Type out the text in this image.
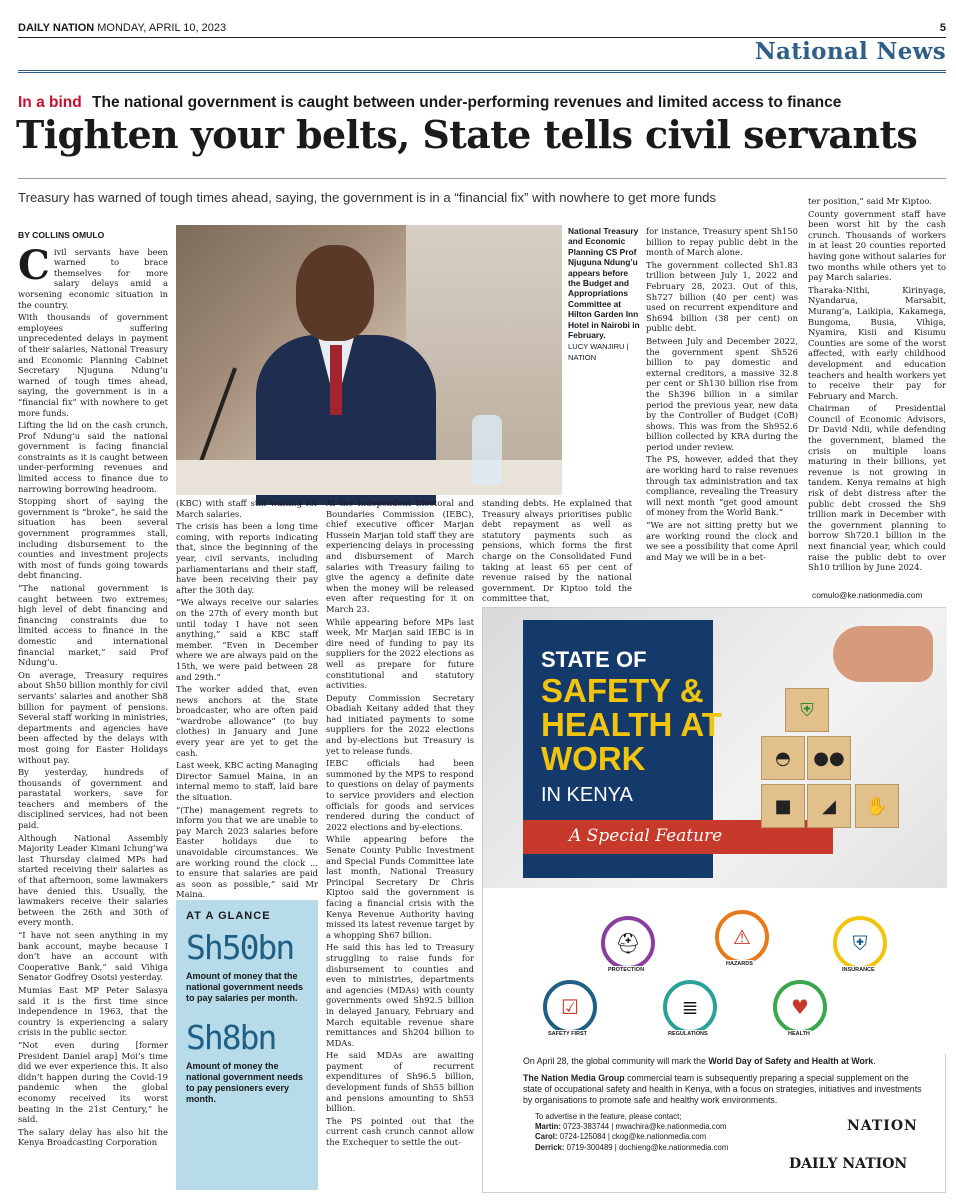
DAILY NATION MONDAY, APRIL 10, 2023	5
National News
In a bind The national government is caught between under-performing revenues and limited access to finance
Tighten your belts, State tells civil servants
Treasury has warned of tough times ahead, saying, the government is in a “financial fix” with nowhere to get more funds
BY COLLINS OMULO

Civil servants have been warned to brace themselves for more salary delays amid a worsening economic situation in the country.

With thousands of government employees suffering unprecedented delays in payment of their salaries, National Treasury and Economic Planning Cabinet Secretary Njuguna Ndung’u warned of tough times ahead, saying, the government is in a “financial fix” with nowhere to get more funds.

Lifting the lid on the cash crunch, Prof Ndung’u said the national government is facing financial constraints as it is caught between under-performing revenues and limited access to finance due to narrowing borrowing headroom.

Stopping short of saying the government is “broke”, he said the situation has been several government programmes stall, including disbursement to the counties and investment projects with most of funds going towards debt financing.

“The national government is caught between two extremes; high level of debt financing and financing constraints due to limited access to finance in the domestic and international financial market,” said Prof Ndung’u.

On average, Treasury requires about Sh50 billion monthly for civil servants’ salaries and another Sh8 billion for payment of pensions. Several staff working in ministries, departments and agencies have been affected by the delays with most going for Easter Holidays without pay.

By yesterday, hundreds of thousands of government and parastatal workers, save for teachers and members of the disciplined services, had not been paid.

Although National Assembly Majority Leader Kimani Ichung’wa last Thursday claimed MPs had started receiving their salaries as of that afternoon, some lawmakers have denied this. Usually, the lawmakers receive their salaries between the 26th and 30th of every month.

“I have not seen anything in my bank account, maybe because I don’t have an account with Cooperative Bank,” said Vihiga Senator Godfrey Osotsi yesterday.

Mumias East MP Peter Salasya said it is the first time since independence in 1963, that the country is experiencing a salary crisis in the public sector.

“Not even during [former President Daniel arap] Moi’s time did we ever experience this. It also didn’t happen during the Covid-19 pandemic when the global economy received its worst beating in the 21st Century,” he said.

The salary delay has also hit the Kenya Broadcasting Corporation

National Treasury and Economic Planning CS Prof Njuguna Ndung’u appears before the Budget and Appropriations Committee at Hilton Garden Inn Hotel in Nairobi in February.
LUCY WANJIRU | NATION

(KBC) with staff still waiting for March salaries.

The crisis has been a long time coming, with reports indicating that, since the beginning of the year, civil servants, including parliamentarians and their staff, have been receiving their pay after the 30th day.

“We always receive our salaries on the 27th of every month but until today I have not seen anything,” said a KBC staff member. “Even in December where we are always paid on the 15th, we were paid between 28 and 29th.”

The worker added that, even news anchors at the State broadcaster, who are often paid “wardrobe allowance” (to buy clothes) in January and June every year are yet to get the cash.

Last week, KBC acting Managing Director Samuel Maina, in an internal memo to staff, laid bare the situation.

“(The) management regrets to inform you that we are unable to pay March 2023 salaries before Easter holidays due to unavoidable circumstances. We are working round the clock ... to ensure that salaries are paid as soon as possible,” said Mr Maina.

AT A GLANCE
Sh50bn
Amount of money that the national government needs to pay salaries per month.
Sh8bn
Amount of money the national government needs to pay pensioners every month.

At the Independent Electoral and Boundaries Commission (IEBC), chief executive officer Marjan Hussein Marjan told staff they are experiencing delays in processing and disbursement of March salaries with Treasury failing to give the agency a definite date when the money will be released even after requesting for it on March 23.

While appearing before MPs last week, Mr Marjan said IEBC is in dire need of funding to pay its suppliers for the 2022 elections as well as prepare for future constitutional and statutory activities.

Deputy Commission Secretary Obadiah Keitany added that they had initiated payments to some suppliers for the 2022 elections and by-elections but Treasury is yet to release funds.

IEBC officials had been summoned by the MPS to respond to questions on delay of payments to service providers and election officials for goods and services rendered during the conduct of 2022 elections and by-elections.

While appearing before the Senate County Public Investment and Special Funds Committee late last month, National Treasury Principal Secretary Dr Chris Kiptoo said the government is facing a financial crisis with the Kenya Revenue Authority having missed its latest revenue target by a whopping Sh67 billion.

He said this has led to Treasury struggling to raise funds for disbursement to counties and even to ministries, departments and agencies (MDAs) with county governments owed Sh92.5 billion in delayed January, February and March equitable revenue share remittances and Sh204 billion to MDAs.

He said MDAs are awaiting payment of recurrent expenditures of Sh96.5 billion, development funds of Sh55 billion and pensions amounting to Sh53 billion.

The PS pointed out that the current cash crunch cannot allow the Exchequer to settle the out-

standing debts. He explained that Treasury always prioritises public debt repayment as well as statutory payments such as pensions, which forms the first charge on the Consolidated Fund taking at least 65 per cent of revenue raised by the national government. Dr Kiptoo told the committee that,

for instance, Treasury spent Sh150 billion to repay public debt in the month of March alone.

The government collected Sh1.83 trillion between July 1, 2022 and February 28, 2023. Out of this, Sh727 billion (40 per cent) was used on recurrent expenditure and Sh694 billion (38 per cent) on public debt.

Between July and December 2022, the government spent Sh526 billion to pay domestic and external creditors, a massive 32.8 per cent or Sh130 billion rise from the Sh396 billion in a similar period the previous year, new data by the Controller of Budget (CoB) shows. This was from the Sh952.6 billion collected by KRA during the period under review.

The PS, however, added that they are working hard to raise revenues through tax administration and tax compliance, revealing the Treasury will next month “get good amount of money from the World Bank.”

“We are not sitting pretty but we are working round the clock and we see a possibility that come April and May we will be in a bet-

ter position,” said Mr Kiptoo.

County government staff have been worst hit by the cash crunch. Thousands of workers in at least 20 counties reported having gone without salaries for two months while others yet to pay March salaries.

Tharaka-Nithi, Kirinyaga, Nyandarua, Marsabit, Murang’a, Laikipia, Kakamega, Bungoma, Busia, Vihiga, Nyamira, Kisii and Kisumu Counties are some of the worst affected, with early childhood development and education teachers and health workers yet to receive their pay for February and March.

Chairman of Presidential Council of Economic Advisors, Dr David Ndii, while defending the government, blamed the crisis on multiple loans maturing in their billions, yet revenue is not growing in tandem. Kenya remains at high risk of debt distress after the public debt crossed the Sh9 trillion mark in December with the government planning to borrow Sh720.1 billion in the next financial year, which could raise the public debt to over Sh10 trillion by June 2024.

comulo@ke.nationmedia.com
STATE OF
SAFETY & HEALTH AT WORK
IN KENYA
A Special Feature
⛨
◓	●●
■	◢	✋
⛑
PROTECTION
⚠
HAZARDS
⛨
INSURANCE
☑
SAFETY FIRST
≣
REGULATIONS
♥
HEALTH

On April 28, the global community will mark the World Day of Safety and Health at Work.

The Nation Media Group commercial team is subsequently preparing a special supplement on the state of occupational safety and health in Kenya, with a focus on strategies, initiatives and investments by organisations to promote safe and healthy work environments.

To advertise in the feature, please contact;
Martin: 0723-383744 | mwachira@ke.nationmedia.com
Carol: 0724-125084 | ckog@ke.nationmedia.com
Derrick: 0719-300489 | dochieng@ke.nationmedia.com
NATION
DAILY NATION
